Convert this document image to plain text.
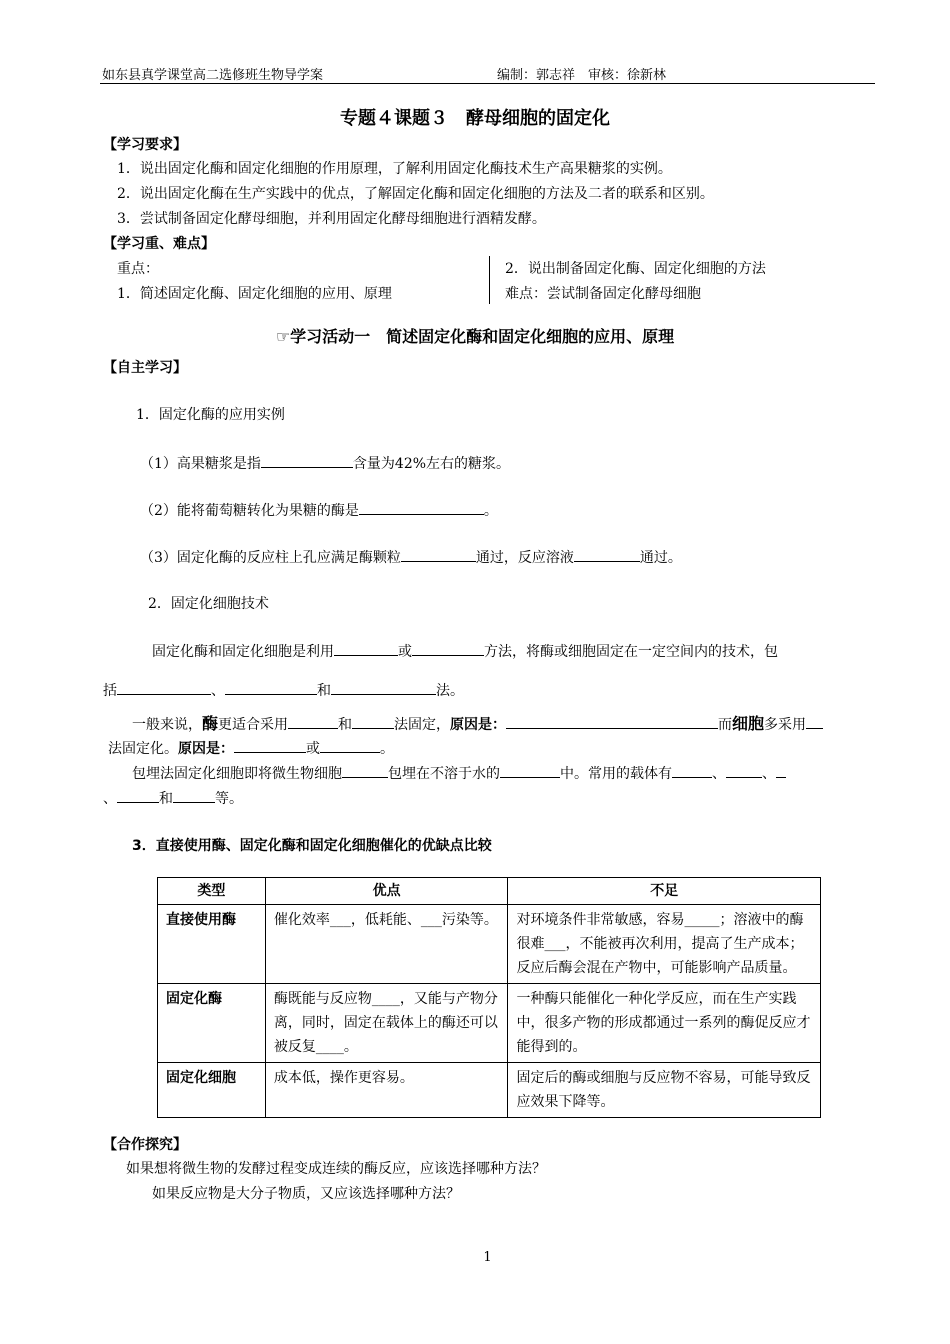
如东县真学课堂高二选修班生物导学案	编制：郭志祥　审核：徐新林
专题４课题３　酵母细胞的固定化
【学习要求】
1．说出固定化酶和固定化细胞的作用原理，了解利用固定化酶技术生产高果糖浆的实例。
2．说出固定化酶在生产实践中的优点，了解固定化酶和固定化细胞的方法及二者的联系和区别。
3．尝试制备固定化酵母细胞，并利用固定化酵母细胞进行酒精发酵。
【学习重、难点】
重点：
1．简述固定化酶、固定化细胞的应用、原理
2．说出制备固定化酶、固定化细胞的方法
难点：尝试制备固定化酵母细胞
☞学习活动一　简述固定化酶和固定化细胞的应用、原理
【自主学习】
1．固定化酶的应用实例
（1）高果糖浆是指	含量为42%左右的糖浆。
（2）能将葡萄糖转化为果糖的酶是	。
（3）固定化酶的反应柱上孔应满足酶颗粒	通过，反应溶液	通过。
2．固定化细胞技术
固定化酶和固定化细胞是利用	或	方法，将酶或细胞固定在一定空间内的技术，包
括	、	和	法。
一般来说，酶更适合采用	和	法固定，原因是：	而细胞多采用
法固定化。原因是：	或	。
包埋法固定化细胞即将微生物细胞	包埋在不溶于水的	中。常用的载体有	、	、
、	和	等。
3．直接使用酶、固定化酶和固定化细胞催化的优缺点比较
类型	优点	不足
直接使用酶	催化效率___，低耗能、___污染等。	对环境条件非常敏感，容易_____；溶液中的酶很难___，不能被再次利用，提高了生产成本；反应后酶会混在产物中，可能影响产品质量。
固定化酶	酶既能与反应物____，又能与产物分离，同时，固定在载体上的酶还可以被反复____。	一种酶只能催化一种化学反应，而在生产实践中，很多产物的形成都通过一系列的酶促反应才能得到的。
固定化细胞	成本低，操作更容易。	固定后的酶或细胞与反应物不容易，可能导致反应效果下降等。
【合作探究】
如果想将微生物的发酵过程变成连续的酶反应，应该选择哪种方法？
如果反应物是大分子物质，又应该选择哪种方法？
1
